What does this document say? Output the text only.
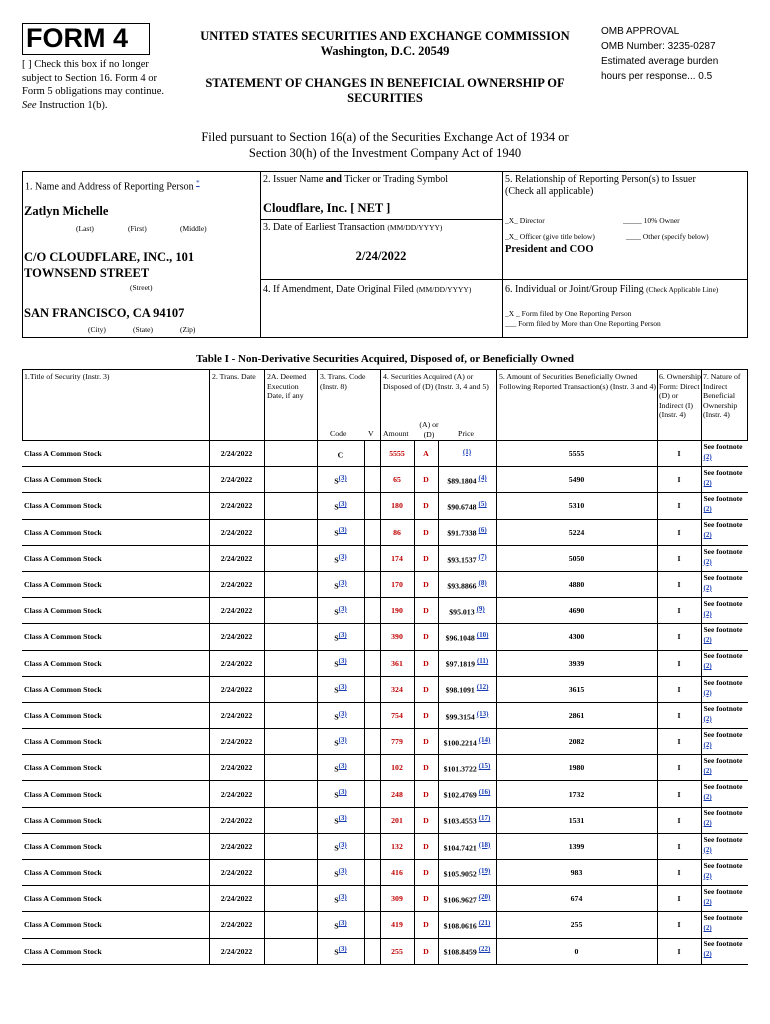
FORM 4
[ ] Check this box if no longer subject to Section 16. Form 4 or Form 5 obligations may continue. See Instruction 1(b).
UNITED STATES SECURITIES AND EXCHANGE COMMISSION
Washington, D.C. 20549
STATEMENT OF CHANGES IN BENEFICIAL OWNERSHIP OF
SECURITIES
OMB APPROVAL
OMB Number: 3235-0287
Estimated average burden
hours per response... 0.5
Filed pursuant to Section 16(a) of the Securities Exchange Act of 1934 or
Section 30(h) of the Investment Company Act of 1940
1. Name and Address of Reporting Person *
Zatlyn Michelle
(Last)	(First)	(Middle)
C/O CLOUDFLARE, INC., 101
TOWNSEND STREET
(Street)
SAN FRANCISCO, CA 94107
(City)	(State)	(Zip)
2. Issuer Name and Ticker or Trading Symbol
Cloudflare, Inc. [ NET ]
3. Date of Earliest Transaction (MM/DD/YYYY)
2/24/2022
4. If Amendment, Date Original Filed (MM/DD/YYYY)
5. Relationship of Reporting Person(s) to Issuer
(Check all applicable)
_X_ Director	_____ 10% Owner
_X_ Officer (give title below)	____ Other (specify below)
President and COO
6. Individual or Joint/Group Filing (Check Applicable Line)
_X _ Form filed by One Reporting Person
___ Form filed by More than One Reporting Person
Table I - Non-Derivative Securities Acquired, Disposed of, or Beneficially Owned
1.Title of Security (Instr. 3)	2. Trans. Date	2A. Deemed Execution Date, if any
3. Trans. Code (Instr. 8)
4. Securities Acquired (A) or Disposed of (D) (Instr. 3, 4 and 5)
5. Amount of Securities Beneficially Owned Following Reported Transaction(s) (Instr. 3 and 4)
6. Ownership Form: Direct (D) or Indirect (I) (Instr. 4)
7. Nature of Indirect Beneficial Ownership (Instr. 4)
Code	V Amount
(A) or (D)	Price
Class A Common Stock	2/24/2022		C		5555	A	(1)	5555	I	See footnote (2)
Class A Common Stock	2/24/2022		S(3)		65	D	$89.1804 (4)	5490	I	See footnote (2)
Class A Common Stock	2/24/2022		S(3)		180	D	$90.6748 (5)	5310	I	See footnote (2)
Class A Common Stock	2/24/2022		S(3)		86	D	$91.7338 (6)	5224	I	See footnote (2)
Class A Common Stock	2/24/2022		S(3)		174	D	$93.1537 (7)	5050	I	See footnote (2)
Class A Common Stock	2/24/2022		S(3)		170	D	$93.8866 (8)	4880	I	See footnote (2)
Class A Common Stock	2/24/2022		S(3)		190	D	$95.013 (9)	4690	I	See footnote (2)
Class A Common Stock	2/24/2022		S(3)		390	D	$96.1048 (10)	4300	I	See footnote (2)
Class A Common Stock	2/24/2022		S(3)		361	D	$97.1819 (11)	3939	I	See footnote (2)
Class A Common Stock	2/24/2022		S(3)		324	D	$98.1091 (12)	3615	I	See footnote (2)
Class A Common Stock	2/24/2022		S(3)		754	D	$99.3154 (13)	2861	I	See footnote (2)
Class A Common Stock	2/24/2022		S(3)		779	D	$100.2214 (14)	2082	I	See footnote (2)
Class A Common Stock	2/24/2022		S(3)		102	D	$101.3722 (15)	1980	I	See footnote (2)
Class A Common Stock	2/24/2022		S(3)		248	D	$102.4769 (16)	1732	I	See footnote (2)
Class A Common Stock	2/24/2022		S(3)		201	D	$103.4553 (17)	1531	I	See footnote (2)
Class A Common Stock	2/24/2022		S(3)		132	D	$104.7421 (18)	1399	I	See footnote (2)
Class A Common Stock	2/24/2022		S(3)		416	D	$105.9052 (19)	983	I	See footnote (2)
Class A Common Stock	2/24/2022		S(3)		309	D	$106.9627 (20)	674	I	See footnote (2)
Class A Common Stock	2/24/2022		S(3)		419	D	$108.0616 (21)	255	I	See footnote (2)
Class A Common Stock	2/24/2022		S(3)		255	D	$108.8459 (22)	0	I	See footnote (2)
